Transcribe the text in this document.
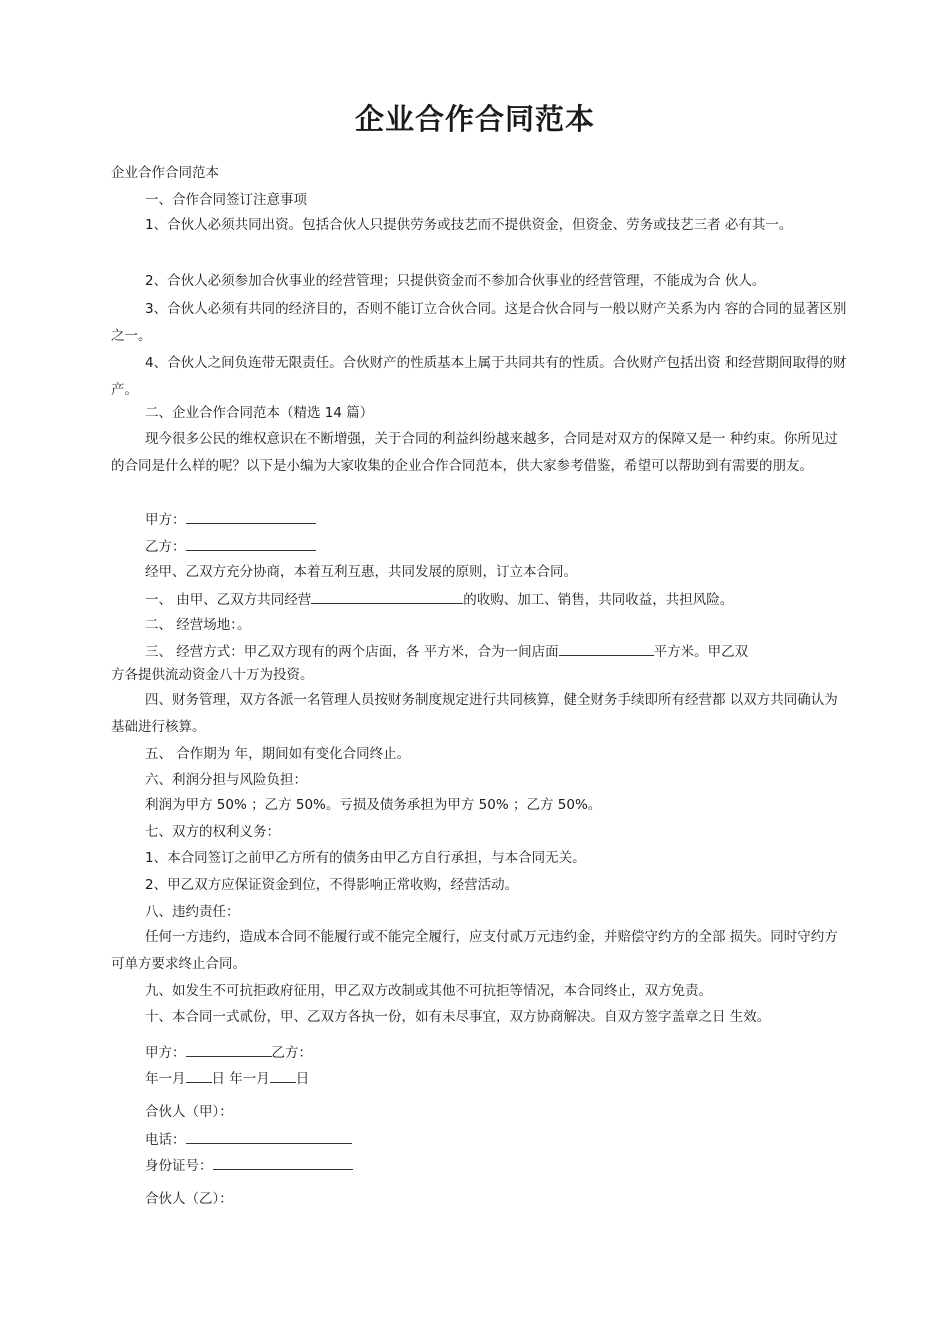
企业合作合同范本
企业合作合同范本
一、合作合同签订注意事项

1、合伙人必须共同出资。包括合伙人只提供劳务或技艺而不提供资金，但资金、劳务或技艺三者 必有其一。

2、合伙人必须参加合伙事业的经营管理；只提供资金而不参加合伙事业的经营管理，不能成为合 伙人。

3、合伙人必须有共同的经济目的，否则不能订立合伙合同。这是合伙合同与一般以财产关系为内 容的合同的显著区别之一。

4、合伙人之间负连带无限责任。合伙财产的性质基本上属于共同共有的性质。合伙财产包括出资 和经营期间取得的财产。

二、企业合作合同范本（精选 14 篇）

现今很多公民的维权意识在不断增强，关于合同的利益纠纷越来越多，合同是对双方的保障又是一 种约束。你所见过的合同是什么样的呢？以下是小编为大家收集的企业合作合同范本，供大家参考借鉴，希望可以帮助到有需要的朋友。

甲方：
乙方：
经甲、乙双方充分协商，本着互利互惠，共同发展的原则，订立本合同。
一、 由甲、乙双方共同经营	的收购、加工、销售，共同收益，共担风险。
二、 经营场地：。
三、 经营方式：甲乙双方现有的两个店面，各 平方米，合为一间店面	平方米。甲乙双
方各提供流动资金八十万为投资。

四、财务管理，双方各派一名管理人员按财务制度规定进行共同核算，健全财务手续即所有经营都 以双方共同确认为基础进行核算。

五、 合作期为 年，期间如有变化合同终止。
六、利润分担与风险负担：
利润为甲方 50% ；乙方 50%。亏损及债务承担为甲方 50% ；乙方 50%。
七、双方的权利义务：
1、本合同签订之前甲乙方所有的债务由甲乙方自行承担，与本合同无关。
2、甲乙双方应保证资金到位，不得影响正常收购，经营活动。
八、违约责任：

任何一方违约，造成本合同不能履行或不能完全履行，应支付贰万元违约金，并赔偿守约方的全部 损失。同时守约方可单方要求终止合同。

九、如发生不可抗拒政府征用，甲乙双方改制或其他不可抗拒等情况，本合同终止，双方免责。
十、本合同一式贰份，甲、乙双方各执一份，如有未尽事宜，双方协商解决。自双方签字盖章之日 生效。
甲方：	乙方：
年一月 日 年一月 日
合伙人（甲）：
电话：
身份证号：
合伙人（乙）：
